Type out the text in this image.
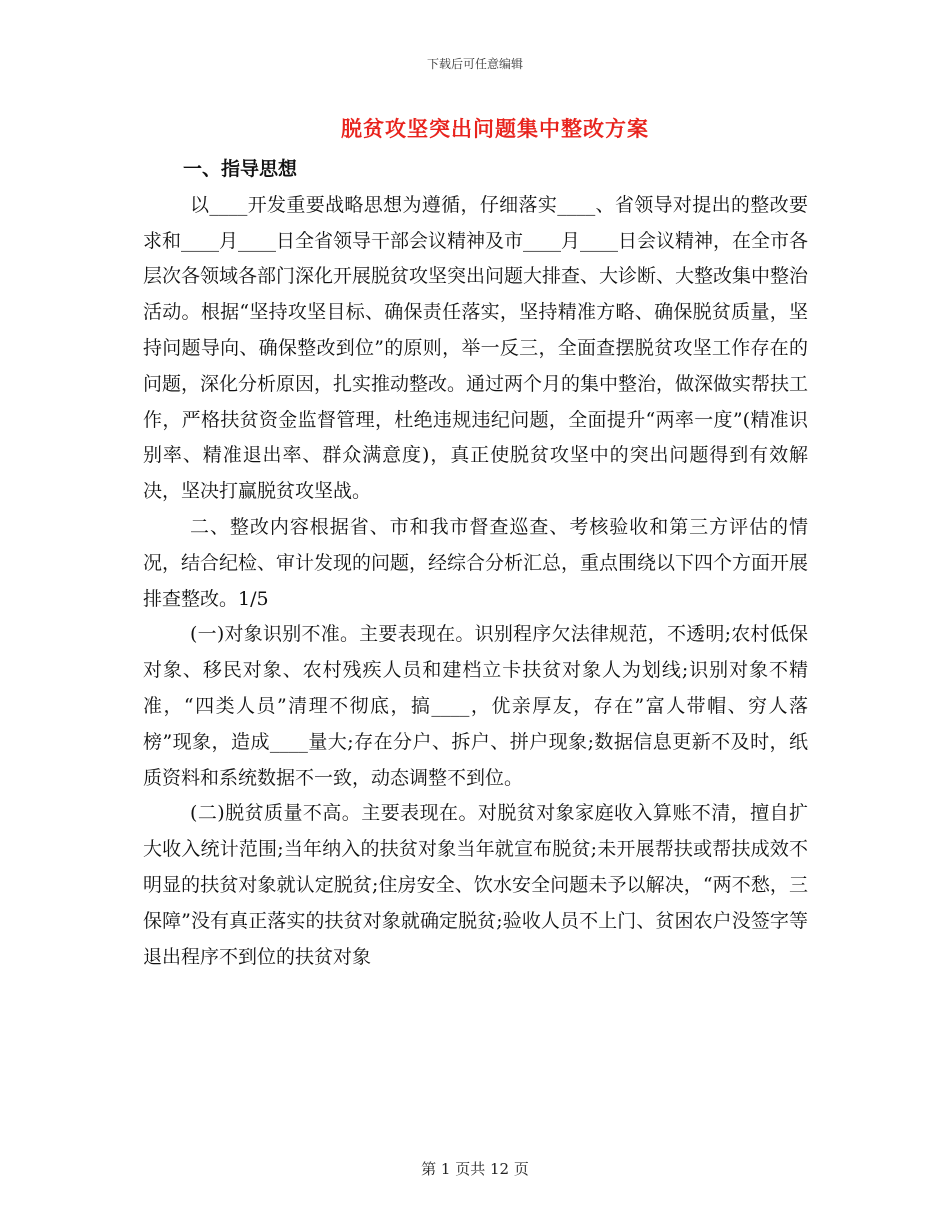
下载后可任意编辑
脱贫攻坚突出问题集中整改方案

一、指导思想

以____开发重要战略思想为遵循，仔细落实____、省领导对提出的整改要求和____月____日全省领导干部会议精神及市____月____日会议精神，在全市各层次各领域各部门深化开展脱贫攻坚突出问题大排查、大诊断、大整改集中整治活动。根据“坚持攻坚目标、确保责任落实，坚持精准方略、确保脱贫质量，坚持问题导向、确保整改到位”的原则，举一反三，全面查摆脱贫攻坚工作存在的问题，深化分析原因，扎实推动整改。通过两个月的集中整治，做深做实帮扶工作，严格扶贫资金监督管理，杜绝违规违纪问题，全面提升“两率一度”(精准识别率、精准退出率、群众满意度)，真正使脱贫攻坚中的突出问题得到有效解决，坚决打赢脱贫攻坚战。

二、整改内容根据省、市和我市督查巡查、考核验收和第三方评估的情况，结合纪检、审计发现的问题，经综合分析汇总，重点围绕以下四个方面开展排查整改。1/5

(一)对象识别不准。主要表现在。识别程序欠法律规范，不透明;农村低保对象、移民对象、农村残疾人员和建档立卡扶贫对象人为划线;识别对象不精准，“四类人员”清理不彻底，搞____，优亲厚友，存在”富人带帽、穷人落榜”现象，造成____量大;存在分户、拆户、拼户现象;数据信息更新不及时，纸质资料和系统数据不一致，动态调整不到位。

(二)脱贫质量不高。主要表现在。对脱贫对象家庭收入算账不清，擅自扩大收入统计范围;当年纳入的扶贫对象当年就宣布脱贫;未开展帮扶或帮扶成效不明显的扶贫对象就认定脱贫;住房安全、饮水安全问题未予以解决，“两不愁，三保障”没有真正落实的扶贫对象就确定脱贫;验收人员不上门、贫困农户没签字等退出程序不到位的扶贫对象

第 1 页共 12 页
